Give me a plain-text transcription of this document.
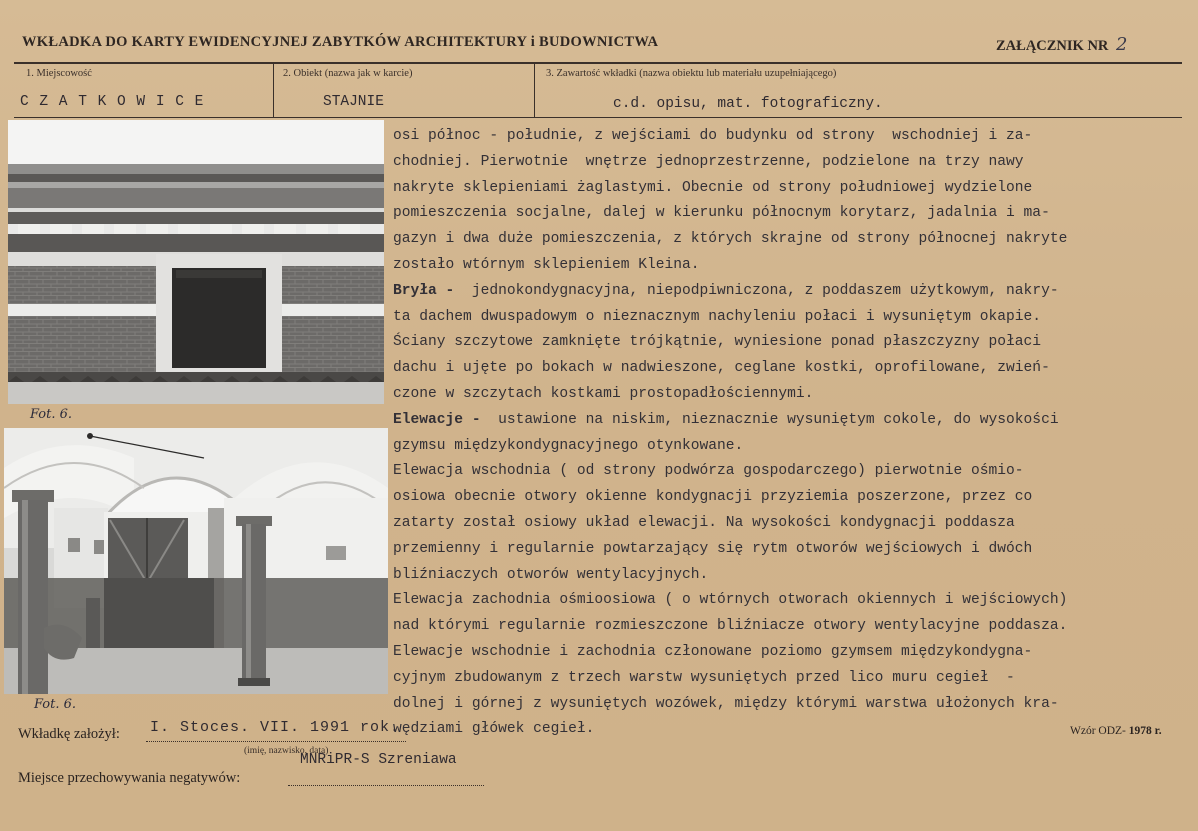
WKŁADKA DO KARTY EWIDENCYJNEJ ZABYTKÓW ARCHITEKTURY i BUDOWNICTWA	ZAŁĄCZNIK NR 2
1. Miejscowość	2. Obiekt (nazwa jak w karcie)	3. Zawartość wkładki (nazwa obiektu lub materiału uzupełniającego)
C Z A T K O W I C E	STAJNIE	c.d. opisu, mat. fotograficzny.
Fot. 6.
Fot. 6.
osi północ - południe, z wejściami do budynku od strony  wschodniej i za-
chodniej. Pierwotnie  wnętrze jednoprzestrzenne, podzielone na trzy nawy
nakryte sklepieniami żaglastymi. Obecnie od strony południowej wydzielone
pomieszczenia socjalne, dalej w kierunku północnym korytarz, jadalnia i ma-
gazyn i dwa duże pomieszczenia, z których skrajne od strony północnej nakryte
zostało wtórnym sklepieniem Kleina.
Bryła -  jednokondygnacyjna, niepodpiwniczona, z poddaszem użytkowym, nakry-
ta dachem dwuspadowym o nieznacznym nachyleniu połaci i wysuniętym okapie.
Ściany szczytowe zamknięte trójkątnie, wyniesione ponad płaszczyzny połaci
dachu i ujęte po bokach w nadwieszone, ceglane kostki, oprofilowane, zwień-
czone w szczytach kostkami prostopadłościennymi.
Elewacje -  ustawione na niskim, nieznacznie wysuniętym cokole, do wysokości
gzymsu międzykondygnacyjnego otynkowane.
Elewacja wschodnia ( od strony podwórza gospodarczego) pierwotnie ośmio-
osiowa obecnie otwory okienne kondygnacji przyziemia poszerzone, przez co
zatarty został osiowy układ elewacji. Na wysokości kondygnacji poddasza
przemienny i regularnie powtarzający się rytm otworów wejściowych i dwóch
bliźniaczych otworów wentylacyjnych.
Elewacja zachodnia ośmioosiowa ( o wtórnych otworach okiennych i wejściowych)
nad którymi regularnie rozmieszczone bliźniacze otwory wentylacyjne poddasza.
Elewacje wschodnie i zachodnia członowane poziomo gzymsem międzykondygna-
cyjnym zbudowanym z trzech warstw wysuniętych przed lico muru cegieł  -
dolnej i górnej z wysuniętych wozówek, między którymi warstwa ułożonych kra-
wędziami główek cegieł.
Wkładkę założył: I. Stoces. VII. 1991 rok.
(imię, nazwisko, data)
MNRiPR-S Szreniawa
Miejsce przechowywania negatywów:
Wzór ODZ- 1978 r.
